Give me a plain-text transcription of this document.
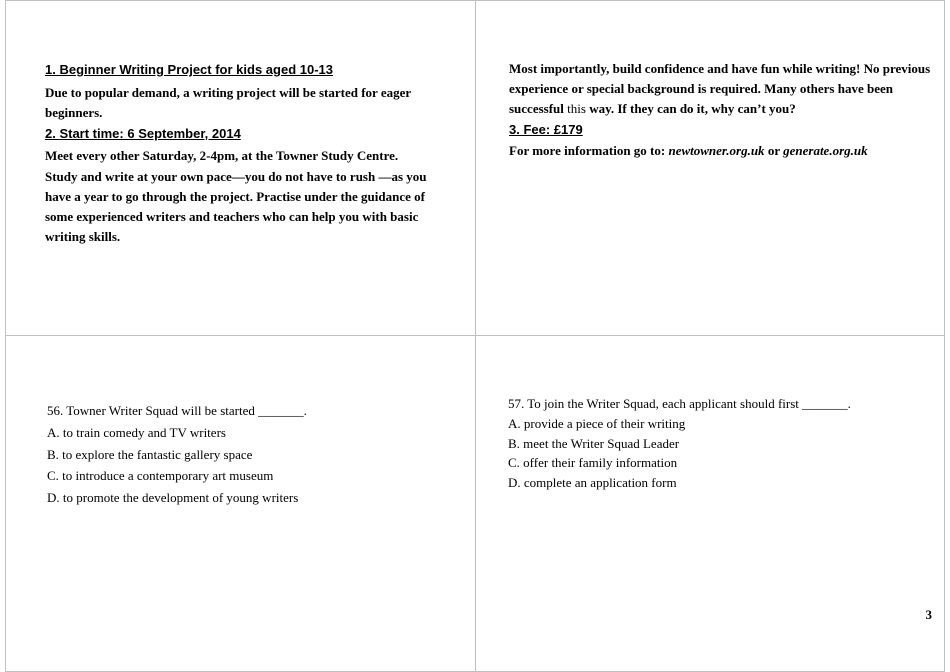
1. Beginner Writing Project for kids aged 10-13

Due to popular demand, a writing project will be started for eager beginners.

2. Start time: 6 September, 2014

Meet every other Saturday, 2-4pm, at the Towner Study Centre.

Study and write at your own pace—you do not have to rush —as you have a year to go through the project. Practise under the guidance of some experienced writers and teachers who can help you with basic writing skills.

Most importantly, build confidence and have fun while writing! No previous experience or special background is required. Many others have been successful this way. If they can do it, why can’t you?

3. Fee: £179

For more information go to: newtowner.org.uk or generate.org.uk

56. Towner Writer Squad will be started _______.
A. to train comedy and TV writers
B. to explore the fantastic gallery space
C. to introduce a contemporary art museum
D. to promote the development of young writers
57. To join the Writer Squad, each applicant should first _______.
A. provide a piece of their writing
B. meet the Writer Squad Leader
C. offer their family information
D. complete an application form
3
